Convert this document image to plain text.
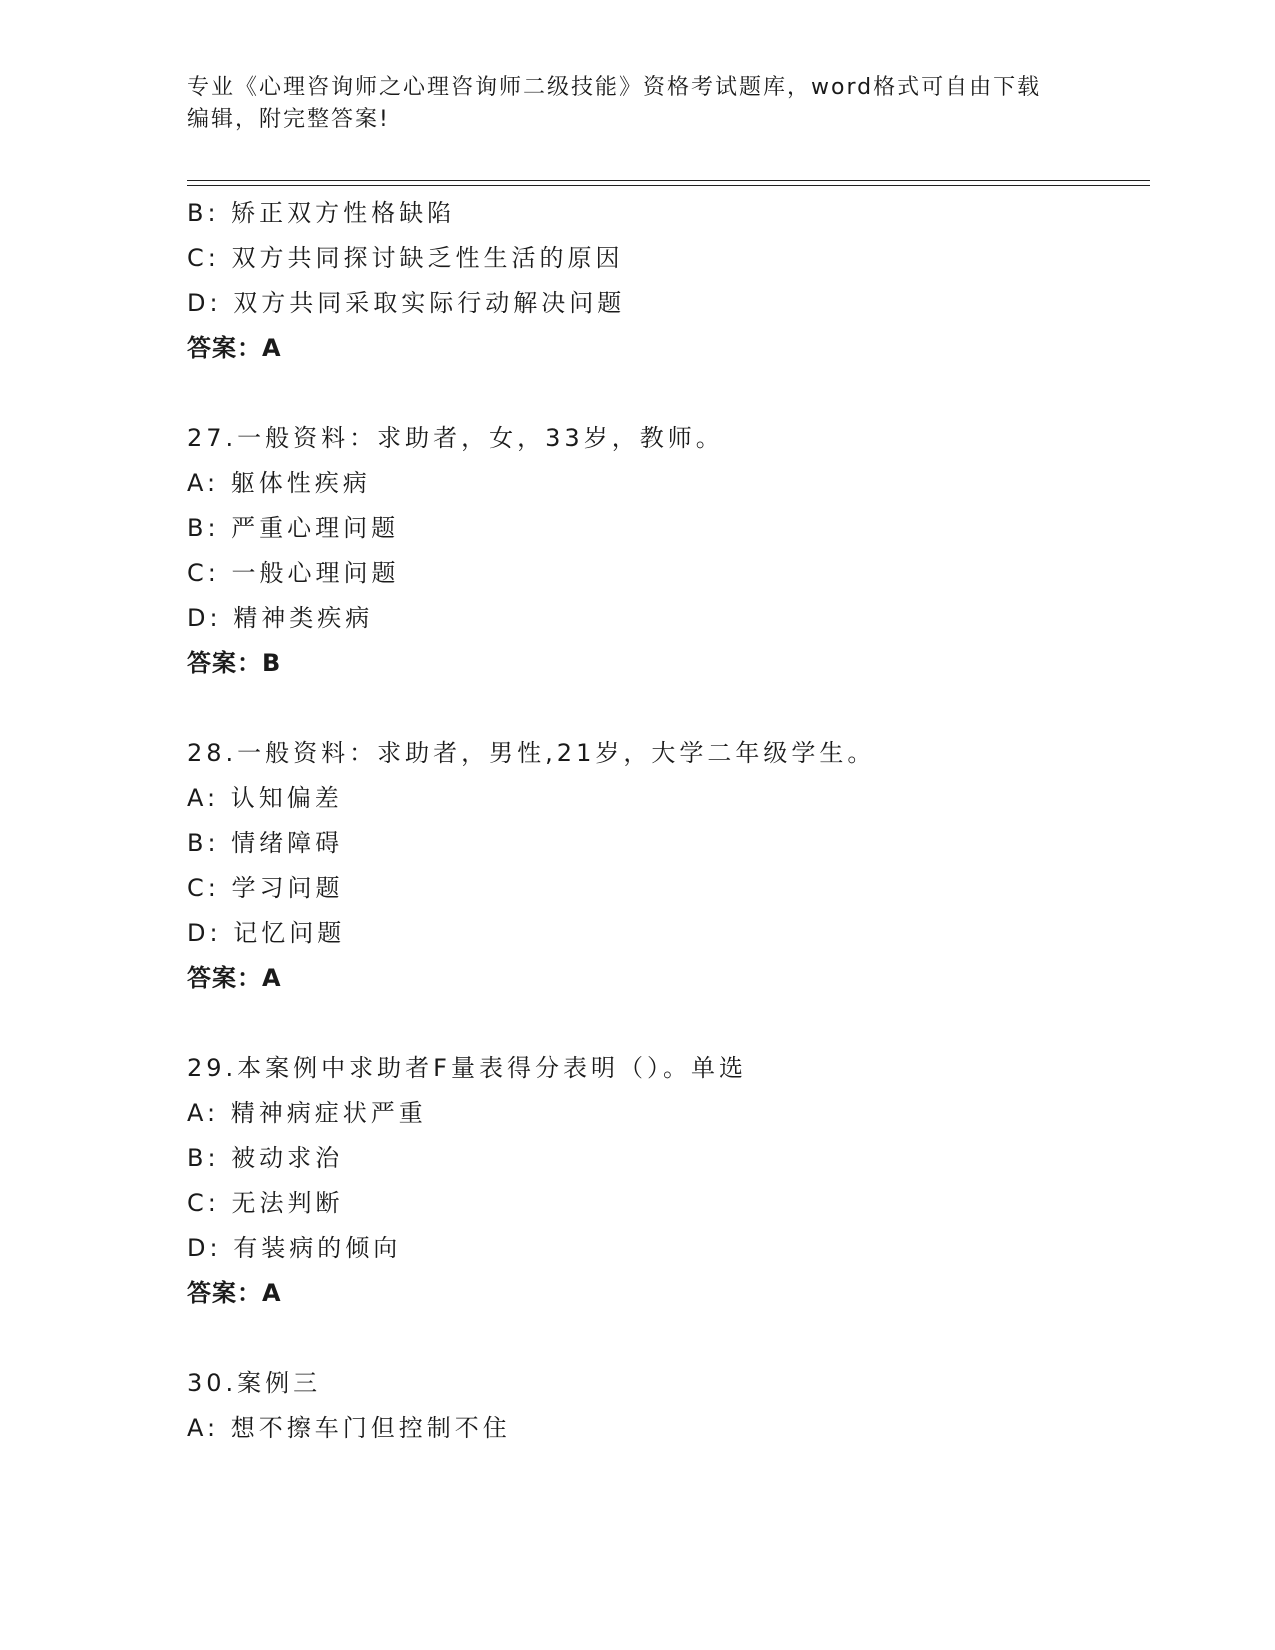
专业《心理咨询师之心理咨询师二级技能》资格考试题库，word格式可自由下载
编辑，附完整答案!
B: 矫正双方性格缺陷
C: 双方共同探讨缺乏性生活的原因
D: 双方共同采取实际行动解决问题
答案：A
27.一般资料：求助者，女，33岁，教师。
A: 躯体性疾病
B: 严重心理问题
C: 一般心理问题
D: 精神类疾病
答案：B
28.一般资料：求助者，男性,21岁，大学二年级学生。
A: 认知偏差
B: 情绪障碍
C: 学习问题
D: 记忆问题
答案：A
29.本案例中求助者F量表得分表明（）。单选
A: 精神病症状严重
B: 被动求治
C: 无法判断
D: 有装病的倾向
答案：A
30.案例三
A: 想不擦车门但控制不住
